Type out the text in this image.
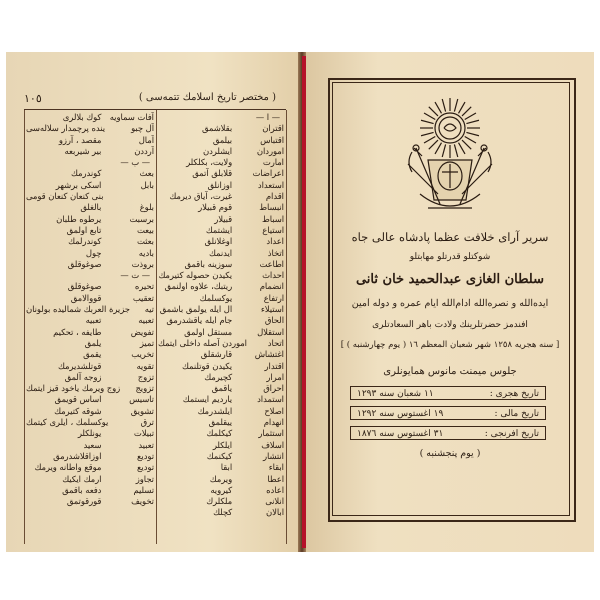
١٠٥	( مختصر تاريخ اسلامك تتمه‌سی )
— ا —
اقتران
بقلاشمق
اقتباس
بيلمق
اموردان
ايشلردن
امارت
ولايت، بكلكلر
اعراضات
قلابلق آتمق
استعداد
اوزانلق
اقدام
غيرت، آياق دیرمك
انبساط
قوم قبيلار
اسباط
قبيلار
استياع
ايشتمك
اعداد
اوغلانلق
اتخاذ
ايدنمك
اطاعت
سوزينه باقمق
احداث
يكيدن حصوله كتيرمك
انضمام
ريتبك، علاوه اولنمق
ارتفاع
يوكسلمك
استيلاء
ال ايله يولمق باشمق
الحاق
جام ايله ياقشدرمق
استقلال
مستقل اولمق
اتحاد
اموردن آصله داخلی ايتمك
اغتشاش
قارشقلق
اقتدار
يكيدن قوتلنمك
امرار
كچيرمك
احراق
ياقمق
استمداد
يارديم ايستمك
اصلاح
ايلشدرمك
انهدام
ييقلمق
استثمار
كيكلمك
اسلاف
ايلكلر
انتشار
كيكنمك
ابقاء
ابقا
اعطا
ويرمك
اعاده
كيرويه
انلانی
ملكلرك
ابالان
كچلك
آفات سماويه
كوك بلالری
آل چبو
ينده پرچمدار سلاله‌سی
آمال
مقصد ، آرزو
آرددن
بیر شیربعه
— ب —
بعث
كوندرمك
بابل
اسكی برشهر
بنی كنعان كنعان قومی
بلوغ
بالغلق
برسبت
يرطوه طلبان
بيعت
تابع اولمق
بعثت
كوندرلمك
باديه
چول
بروذت
صوغوقلق
— ت —
تحيره
صوغوقلق
تعقيب
قووالامق
تیه
جزيرة العربك شماليده‌ بولونان
تعبيه
تعبيه
تفويض
طايفه ، تحكيم
تميز
يلمق
تخريب
يقمق
تقويه
قوتلشديرمك
تزوج
زوجه آلمق
تزويج
زوج ويرمك ياخود قيز ايتمك
تاسيس
اساس قويمق
تشويق
شوقه كتيرمك
ترق
يوكسلمك ، ايلرى كيتمك
تبيلات
يونلكلر
تعبيد
سعيد
توديع
اوزاقلاشدرمق
تودیع
موقع واطانه ويرمك
تجاوز
ارمك ايكيك
تسليم
دفعه باقمق
تخويف
قورقوتمق
سرير آرای خلافت عظما پادشاه عالی جاه
شوكتلو قدرتلو مهابتلو
سلطان الغازى عبدالحميد خان ثانی
ايده‌الله و نصره‌الله ادام‌الله ايام عمره و دوله آمين
افندمز حضرتلرينك ولادت باهر السعادتلری
[ سنه هجريه ١٢٥٨ شهر شعبان المعظم ١٦ ( يوم چهارشنبه ) ]
جلوس ميمنت مأنوس همايونلری
تاريخ هجری :
١١ شعبان سنه ١٢٩٣
تاريخ مالی :
١٩ اغستوس سنه ١٢٩٢
تاريخ افرنجی :
٣١ اغستوس سنه ١٨٧٦
( يوم پنجشنبه )
